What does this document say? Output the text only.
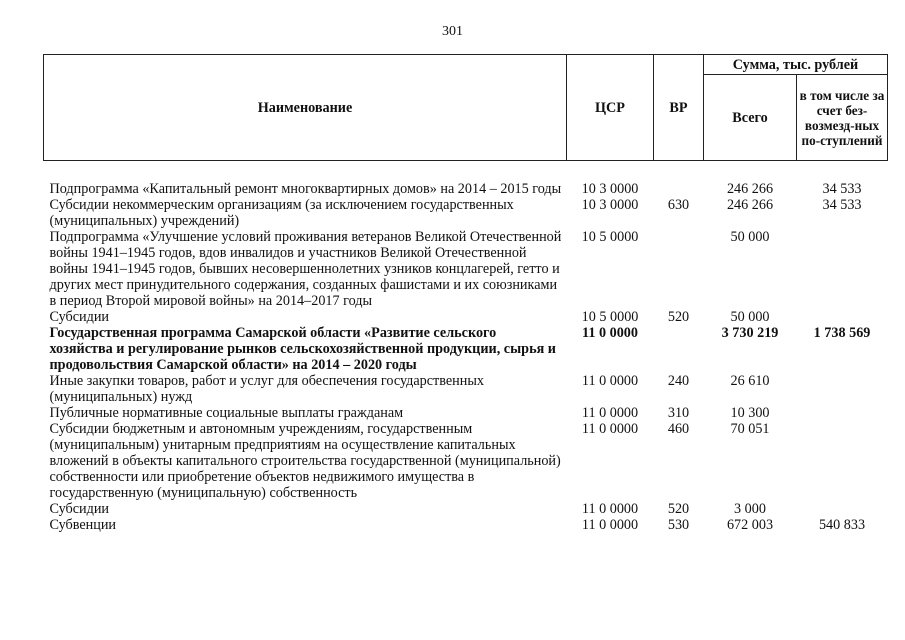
301
Наименование	ЦСР	ВР	Сумма, тыс. рублей	
			Всего	в том числе за счет без-возмезд-ных по-ступлений

Подпрограмма «Капитальный ремонт многоквартирных домов» на 2014 – 2015 годы	10 3 0000		246 266	34 533
Субсидии некоммерческим организациям (за исключением государственных (муниципальных) учреждений)	10 3 0000	630	246 266	34 533
Подпрограмма «Улучшение условий проживания ветеранов Великой Отечественной войны 1941–1945 годов, вдов инвалидов и участников Великой Отечественной войны 1941–1945 годов, бывших несовершеннолетних узников концлагерей, гетто и других мест принудительного содержания, созданных фашистами и их союзниками в период Второй мировой войны» на 2014–2017 годы	10 5 0000		50 000	
Субсидии	10 5 0000	520	50 000	
Государственная программа Самарской области «Развитие сельского хозяйства и регулирование рынков сельскохозяйственной продукции, сырья и продовольствия Самарской области» на 2014 – 2020 годы	11 0 0000		3 730 219	1 738 569
Иные закупки товаров, работ и услуг для обеспечения государственных (муниципальных) нужд	11 0 0000	240	26 610	
Публичные нормативные социальные выплаты гражданам	11 0 0000	310	10 300	
Субсидии бюджетным и автономным учреждениям, государственным (муниципальным) унитарным предприятиям на осуществление капитальных вложений в объекты капитального строительства государственной (муниципальной) собственности или приобретение объектов недвижимого имущества в государственную (муниципальную) собственность	11 0 0000	460	70 051	
Субсидии	11 0 0000	520	3 000	
Субвенции	11 0 0000	530	672 003	540 833
